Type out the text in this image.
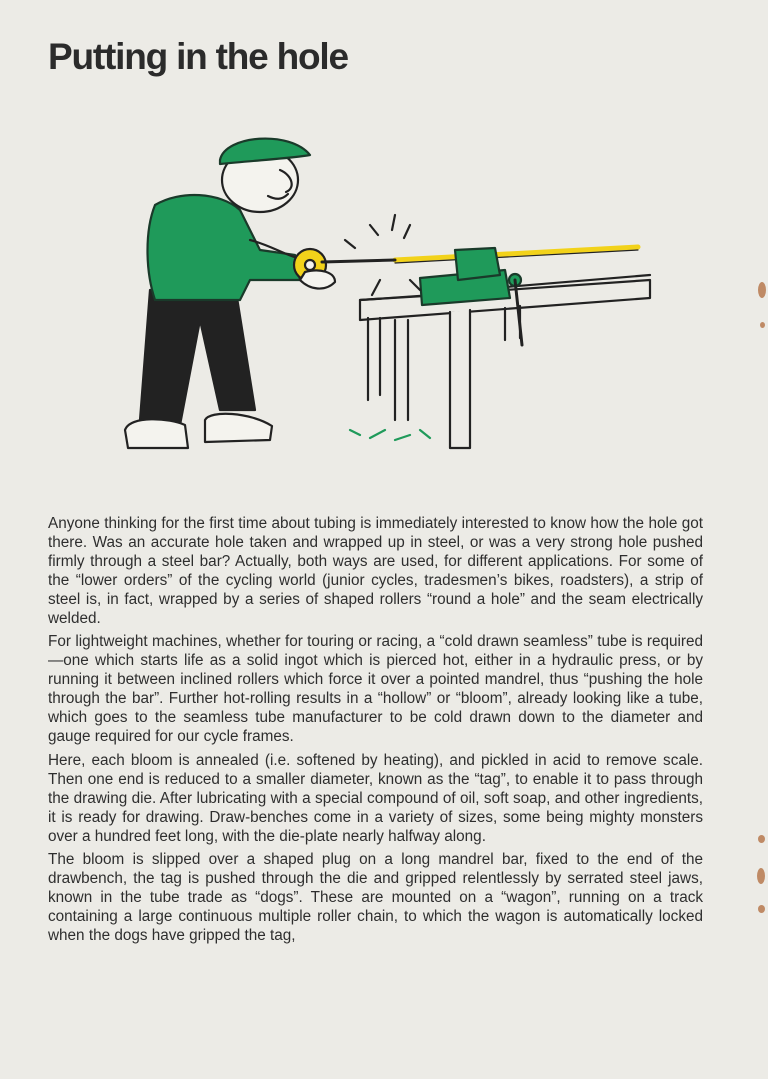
Putting in the hole

Anyone thinking for the first time about tubing is immediately interested to know how the hole got there. Was an accurate hole taken and wrapped up in steel, or was a very strong hole pushed firmly through a steel bar? Actually, both ways are used, for different applications. For some of the “lower orders” of the cycling world (junior cycles, tradesmen’s bikes, roadsters), a strip of steel is, in fact, wrapped by a series of shaped rollers “round a hole” and the seam electrically welded.

For lightweight machines, whether for touring or racing, a “cold drawn seamless” tube is required—one which starts life as a solid ingot which is pierced hot, either in a hydraulic press, or by running it between inclined rollers which force it over a pointed mandrel, thus “pushing the hole through the bar”. Further hot-rolling results in a “hollow” or “bloom”, already looking like a tube, which goes to the seamless tube manufacturer to be cold drawn down to the diameter and gauge required for our cycle frames.

Here, each bloom is annealed (i.e. softened by heating), and pickled in acid to remove scale. Then one end is reduced to a smaller diameter, known as the “tag”, to enable it to pass through the drawing die. After lubricating with a special compound of oil, soft soap, and other ingredients, it is ready for drawing. Draw-benches come in a variety of sizes, some being mighty monsters over a hundred feet long, with the die-plate nearly halfway along.

The bloom is slipped over a shaped plug on a long mandrel bar, fixed to the end of the drawbench, the tag is pushed through the die and gripped relentlessly by serrated steel jaws, known in the tube trade as “dogs”. These are mounted on a “wagon”, running on a track containing a large continuous multiple roller chain, to which the wagon is automatically locked when the dogs have gripped the tag,
